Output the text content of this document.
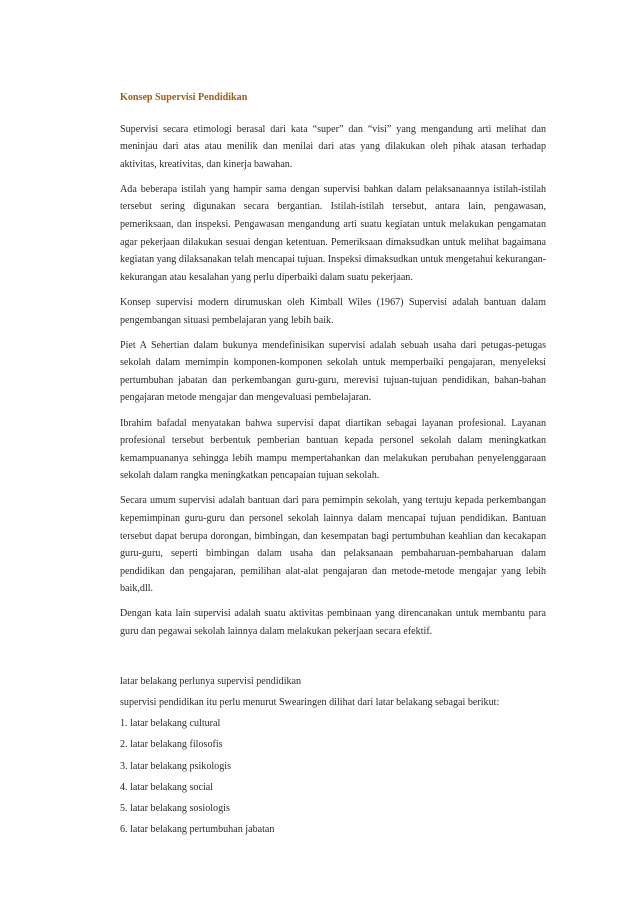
Konsep Supervisi Pendidikan

Supervisi secara etimologi berasal dari kata “super” dan “visi” yang mengandung arti melihat dan meninjau dari atas atau menilik dan menilai dari atas yang dilakukan oleh pihak atasan terhadap aktivitas, kreativitas, dan kinerja bawahan.

Ada beberapa istilah yang hampir sama dengan supervisi bahkan dalam pelaksanaannya istilah-istilah tersebut sering digunakan secara bergantian. Istilah-istilah tersebut, antara lain, pengawasan, pemeriksaan, dan inspeksi. Pengawasan mengandung arti suatu kegiatan untuk melakukan pengamatan agar pekerjaan dilakukan sesuai dengan ketentuan. Pemeriksaan dimaksudkan untuk melihat bagaimana kegiatan yang dilaksanakan telah mencapai tujuan. Inspeksi dimaksudkan untuk mengetahui kekurangan-kekurangan atau kesalahan yang perlu diperbaiki dalam suatu pekerjaan.

Konsep supervisi modern dirumuskan oleh Kimball Wiles (1967) Supervisi adalah bantuan dalam pengembangan situasi pembelajaran yang lebih baik.

Piet A Sehertian dalam bukunya mendefinisikan supervisi adalah sebuah usaha dari petugas-petugas sekolah dalam memimpin komponen-komponen sekolah untuk memperbaiki pengajaran, menyeleksi pertumbuhan jabatan dan perkembangan guru-guru, merevisi tujuan-tujuan pendidikan, bahan-bahan pengajaran metode mengajar dan mengevaluasi pembelajaran.

Ibrahim bafadal menyatakan bahwa supervisi dapat diartikan sebagai layanan profesional. Layanan profesional tersebut berbentuk pemberian bantuan kepada personel sekolah dalam meningkatkan kemampuananya sehingga lebih mampu mempertahankan dan melakukan perubahan penyelenggaraan sekolah dalam rangka meningkatkan pencapaian tujuan sekolah.

Secara umum supervisi adalah bantuan dari para pemimpin sekolah, yang tertuju kepada perkembangan kepemimpinan guru-guru dan personel sekolah lainnya dalam mencapai tujuan pendidikan. Bantuan tersebut dapat berupa dorongan, bimbingan, dan kesempatan bagi pertumbuhan keahlian dan kecakapan guru-guru, seperti bimbingan dalam usaha dan pelaksanaan pembaharuan-pembaharuan dalam pendidikan dan pengajaran, pemilihan alat-alat pengajaran dan metode-metode mengajar yang lebih baik,dll.

Dengan kata lain supervisi adalah suatu aktivitas pembinaan yang direncanakan untuk membantu para guru dan pegawai sekolah lainnya dalam melakukan pekerjaan secara efektif.

latar belakang perlunya supervisi pendidikan

supervisi pendidikan itu perlu menurut Swearingen dilihat dari latar belakang sebagai berikut:

1. latar belakang cultural
2. latar belakang filosofis
3. latar belakang psikologis
4. latar belakang social
5. latar belakang sosiologis
6. latar belakang pertumbuhan jabatan
